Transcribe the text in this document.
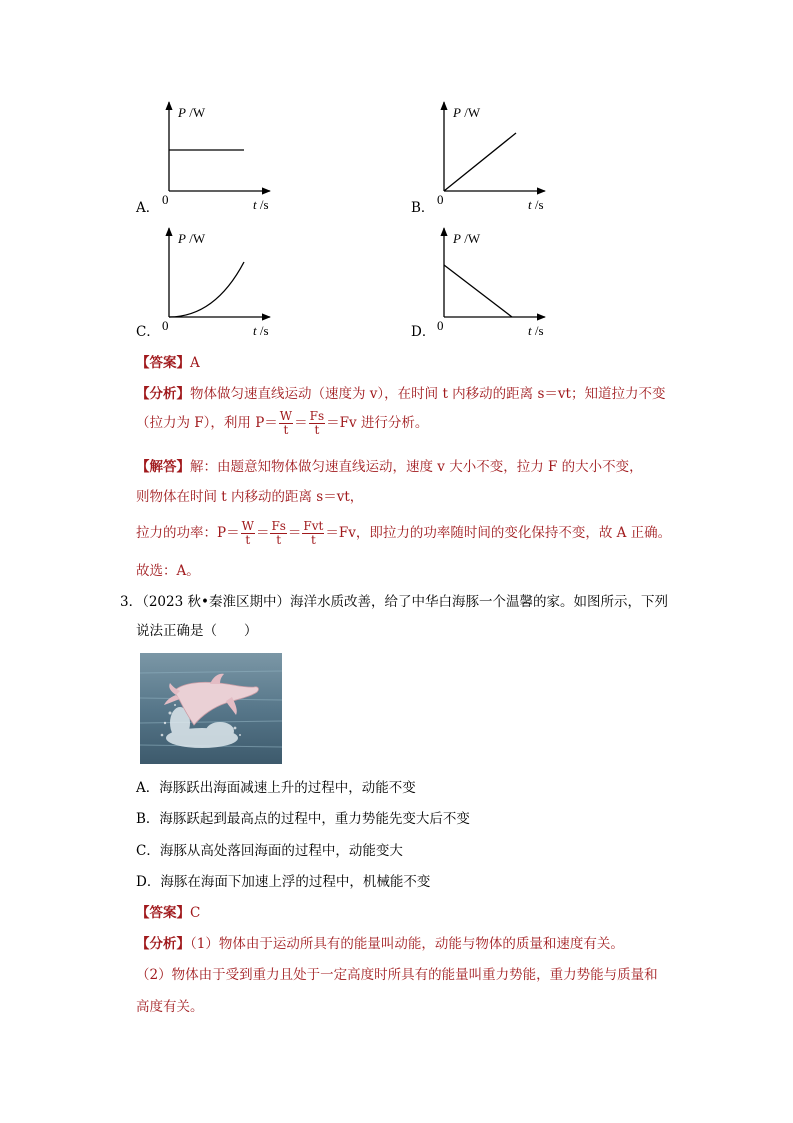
P /W
0	t /s
A．
P /W
0	t /s
B．
P /W
0	t /s
C．
P /W
0	t /s
D．
【答案】A
【分析】物体做匀速直线运动（速度为 v），在时间 t 内移动的距离 s＝vt；知道拉力不变
（拉力为 F），利用 $P= \frac{W}{t} = \frac{Fs}{t} =Fv$ 进行分析。
【解答】解：由题意知物体做匀速直线运动，速度 v 大小不变，拉力 F 的大小不变，
则物体在时间 t 内移动的距离 s＝vt，
拉力的功率：$P= \frac{W}{t} = \frac{Fs}{t} = \frac{\text{Fvt}}{t} =Fv$，即拉力的功率随时间的变化保持不变，故 A 正确。
故选：A。
3．（2023 秋•秦淮区期中）海洋水质改善，给了中华白海豚一个温馨的家。如图所示，下列
说法正确是（　　）
A．海豚跃出海面减速上升的过程中，动能不变
B．海豚跃起到最高点的过程中，重力势能先变大后不变
C．海豚从高处落回海面的过程中，动能变大
D．海豚在海面下加速上浮的过程中，机械能不变
【答案】C
【分析】（1）物体由于运动所具有的能量叫动能，动能与物体的质量和速度有关。
（2）物体由于受到重力且处于一定高度时所具有的能量叫重力势能，重力势能与质量和
高度有关。
